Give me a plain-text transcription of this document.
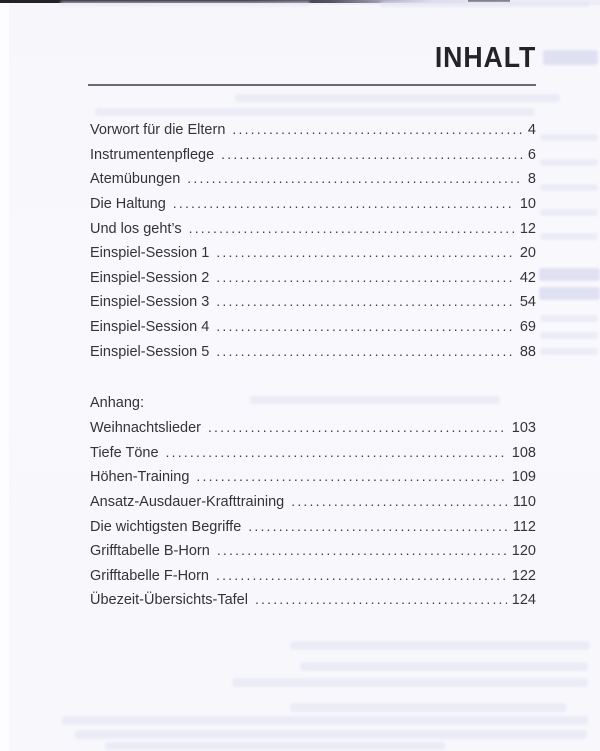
INHALT
Vorwort für die Eltern .....	4
Instrumentenpflege .....	6
Atemübungen .....	8
Die Haltung .....	10
Und los geht’s .....	12
Einspiel-Session 1 .....	20
Einspiel-Session 2 .....	42
Einspiel-Session 3 .....	54
Einspiel-Session 4 .....	69
Einspiel-Session 5 .....	88
Anhang:
Weihnachtslieder .....	103
Tiefe Töne .....	108
Höhen-Training .....	109
Ansatz-Ausdauer-Krafttraining .....	110
Die wichtigsten Begriffe .....	112
Grifftabelle B-Horn .....	120
Grifftabelle F-Horn .....	122
Übezeit-Übersichts-Tafel .....	124
